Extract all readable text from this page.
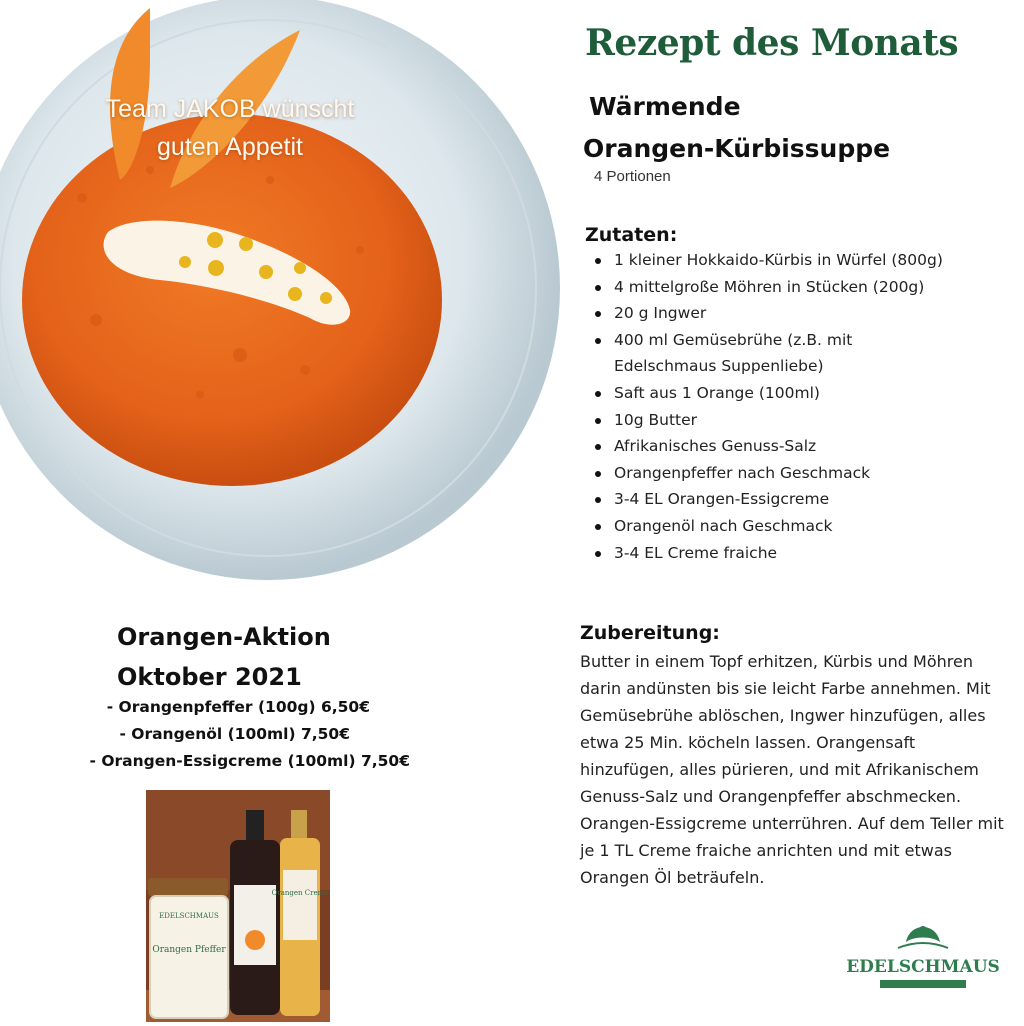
Team JAKOB wünscht
guten Appetit
Rezept des Monats
Wärmende
Orangen-Kürbissuppe
4 Portionen
Zutaten:
1 kleiner Hokkaido-Kürbis in Würfel (800g)
4 mittelgroße Möhren in Stücken (200g)
20 g Ingwer
400 ml Gemüsebrühe (z.B. mit Edelschmaus Suppenliebe)
Saft aus 1 Orange (100ml)
10g Butter
Afrikanisches Genuss-Salz
Orangenpfeffer nach Geschmack
3-4 EL Orangen-Essigcreme
Orangenöl nach Geschmack
3-4 EL Creme fraiche
Zubereitung:

Butter in einem Topf erhitzen, Kürbis und Möhren darin andünsten bis sie leicht Farbe annehmen. Mit Gemüsebrühe ablöschen, Ingwer hinzufügen, alles etwa 25 Min. köcheln lassen. Orangensaft hinzufügen, alles pürieren, und mit Afrikanischem Genuss-Salz und Orangenpfeffer abschmecken. Orangen-Essigcreme unterrühren. Auf dem Teller mit je 1 TL Creme fraiche anrichten und mit etwas Orangen Öl beträufeln.

Orangen-Aktion
Oktober 2021
- Orangenpfeffer (100g) 6,50€
- Orangenöl (100ml) 7,50€
- Orangen-Essigcreme (100ml) 7,50€
EDELSCHMAUS
Orangen Pfeffer
Orangen Creme
EDELSCHMAUS
